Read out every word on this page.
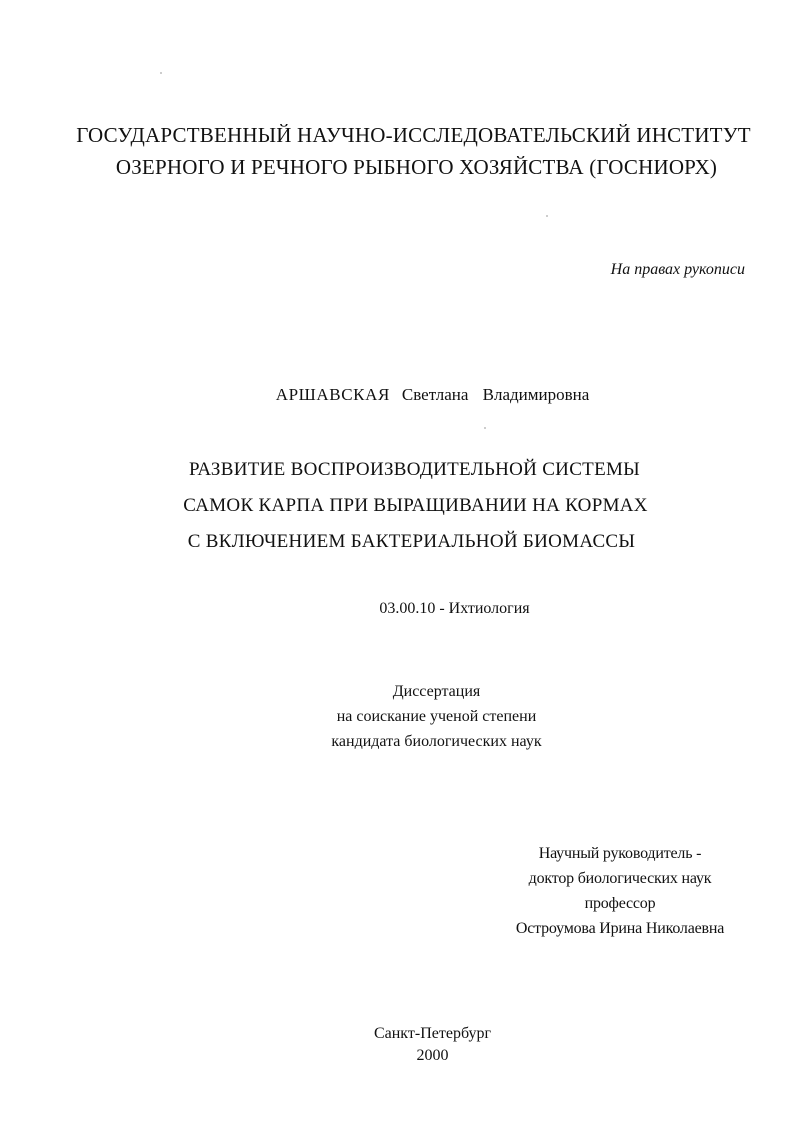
ГОСУДАРСТВЕННЫЙ НАУЧНО-ИССЛЕДОВАТЕЛЬСКИЙ ИНСТИТУТ
ОЗЕРНОГО И РЕЧНОГО РЫБНОГО ХОЗЯЙСТВА (ГОСНИОРХ)
На правах рукописи
АРШАВСКАЯ Светлана Владимировна
РАЗВИТИЕ ВОСПРОИЗВОДИТЕЛЬНОЙ СИСТЕМЫ
САМОК КАРПА ПРИ ВЫРАЩИВАНИИ НА КОРМАХ
С ВКЛЮЧЕНИЕМ БАКТЕРИАЛЬНОЙ БИОМАССЫ
03.00.10 - Ихтиология
Диссертация
на соискание ученой степени
кандидата биологических наук
Научный руководитель -
доктор биологических наук
профессор
Остроумова Ирина Николаевна
Санкт-Петербург
2000
